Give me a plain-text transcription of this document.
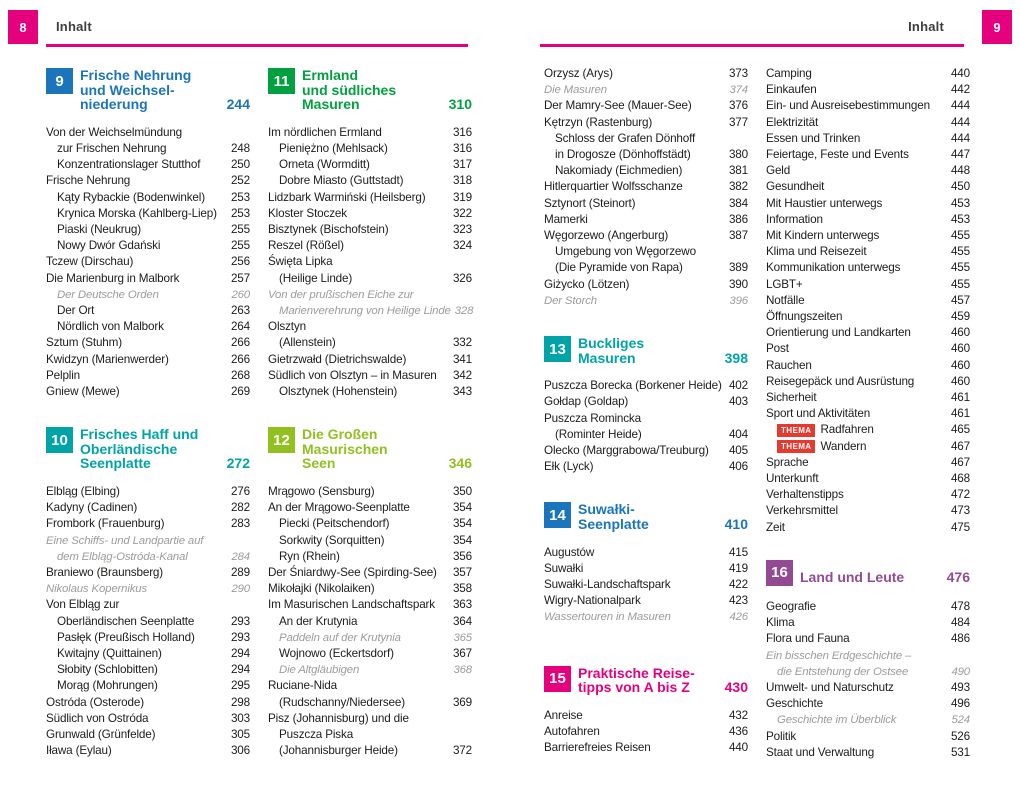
8	Inhalt	Inhalt	9
9	Frische Nehrung
und Weichsel-
niederung	244
Von der Weichselmündung
zur Frischen Nehrung	248
Konzentrationslager Stutthof	250
Frische Nehrung	252
Kąty Rybackie (Bodenwinkel)	253
Krynica Morska (Kahlberg-Liep)	253
Piaski (Neukrug)	255
Nowy Dwór Gdański	255
Tczew (Dirschau)	256
Die Marienburg in Malbork	257
Der Deutsche Orden	260
Der Ort	263
Nördlich von Malbork	264
Sztum (Stuhm)	266
Kwidzyn (Marienwerder)	266
Pelplin	268
Gniew (Mewe)	269
10 Frisches Haff und
Oberländische
Seenplatte	272
Elbląg (Elbing)	276
Kadyny (Cadinen)	282
Frombork (Frauenburg)	283
Eine Schiffs- und Landpartie auf
dem Elbląg-Ostróda-Kanal	284
Braniewo (Braunsberg)	289
Nikolaus Kopernikus	290
Von Elbląg zur
Oberländischen Seenplatte	293
Pasłęk (Preußisch Holland)	293
Kwitajny (Quittainen)	294
Słobity (Schlobitten)	294
Morąg (Mohrungen)	295
Ostróda (Osterode)	298
Südlich von Ostróda	303
Grunwald (Grünfelde)	305
Iława (Eylau)	306
11 Ermland
und südliches
Masuren	310
Im nördlichen Ermland	316
Pieniężno (Mehlsack)	316
Orneta (Wormditt)	317
Dobre Miasto (Guttstadt)	318
Lidzbark Warmiński (Heilsberg)	319
Kloster Stoczek	322
Bisztynek (Bischofstein)	323
Reszel (Rößel)	324
Święta Lipka
(Heilige Linde)	326
Von der prußischen Eiche zur
Marienverehrung von Heilige Linde 328
Olsztyn
(Allenstein)	332
Gietrzwałd (Dietrichswalde)	341
Südlich von Olsztyn – in Masuren	342
Olsztynek (Hohenstein)	343
12 Die Großen
Masurischen
Seen	346
Mrągowo (Sensburg)	350
An der Mrągowo-Seenplatte	354
Piecki (Peitschendorf)	354
Sorkwity (Sorquitten)	354
Ryn (Rhein)	356
Der Śniardwy-See (Spirding-See)	357
Mikołajki (Nikolaiken)	358
Im Masurischen Landschaftspark	363
An der Krutynia	364
Paddeln auf der Krutynia	365
Wojnowo (Eckertsdorf)	367
Die Altgläubigen	368
Ruciane-Nida
(Rudschanny/Niedersee)	369
Pisz (Johannisburg) und die
Puszcza Piska
(Johannisburger Heide)	372
Orzysz (Arys)	373
Die Masuren	374
Der Mamry-See (Mauer-See)	376
Kętrzyn (Rastenburg)	377
Schloss der Grafen Dönhoff
in Drogosze (Dönhoffstädt)	380
Nakomiady (Eichmedien)	381
Hitlerquartier Wolfsschanze	382
Sztynort (Steinort)	384
Mamerki	386
Węgorzewo (Angerburg)	387
Umgebung von Węgorzewo
(Die Pyramide von Rapa)	389
Giżycko (Lötzen)	390
Der Storch	396
13 Buckliges
Masuren	398
Puszcza Borecka (Borkener Heide) 402
Gołdap (Goldap)	403
Puszcza Romincka
(Rominter Heide)	404
Olecko (Marggrabowa/Treuburg)	405
Ełk (Lyck)	406
14 Suwałki-
Seenplatte	410
Augustów	415
Suwałki	419
Suwałki-Landschaftspark	422
Wigry-Nationalpark	423
Wassertouren in Masuren	426
15 Praktische Reise-
tipps von A bis Z 430
Anreise	432
Autofahren	436
Barrierefreies Reisen	440
Camping	440
Einkaufen	442
Ein- und Ausreisebestimmungen	444
Elektrizität	444
Essen und Trinken	444
Feiertage, Feste und Events	447
Geld	448
Gesundheit	450
Mit Haustier unterwegs	453
Information	453
Mit Kindern unterwegs	455
Klima und Reisezeit	455
Kommunikation unterwegs	455
LGBT+	455
Notfälle	457
Öffnungszeiten	459
Orientierung und Landkarten	460
Post	460
Rauchen	460
Reisegepäck und Ausrüstung	460
Sicherheit	461
Sport und Aktivitäten	461
THEMA Radfahren	465
THEMA Wandern	467
Sprache	467
Unterkunft	468
Verhaltenstipps	472
Verkehrsmittel	473
Zeit	475
16 Land und Leute	476
Geografie	478
Klima	484
Flora und Fauna	486
Ein bisschen Erdgeschichte –
die Entstehung der Ostsee	490
Umwelt- und Naturschutz	493
Geschichte	496
Geschichte im Überblick	524
Politik	526
Staat und Verwaltung	531
